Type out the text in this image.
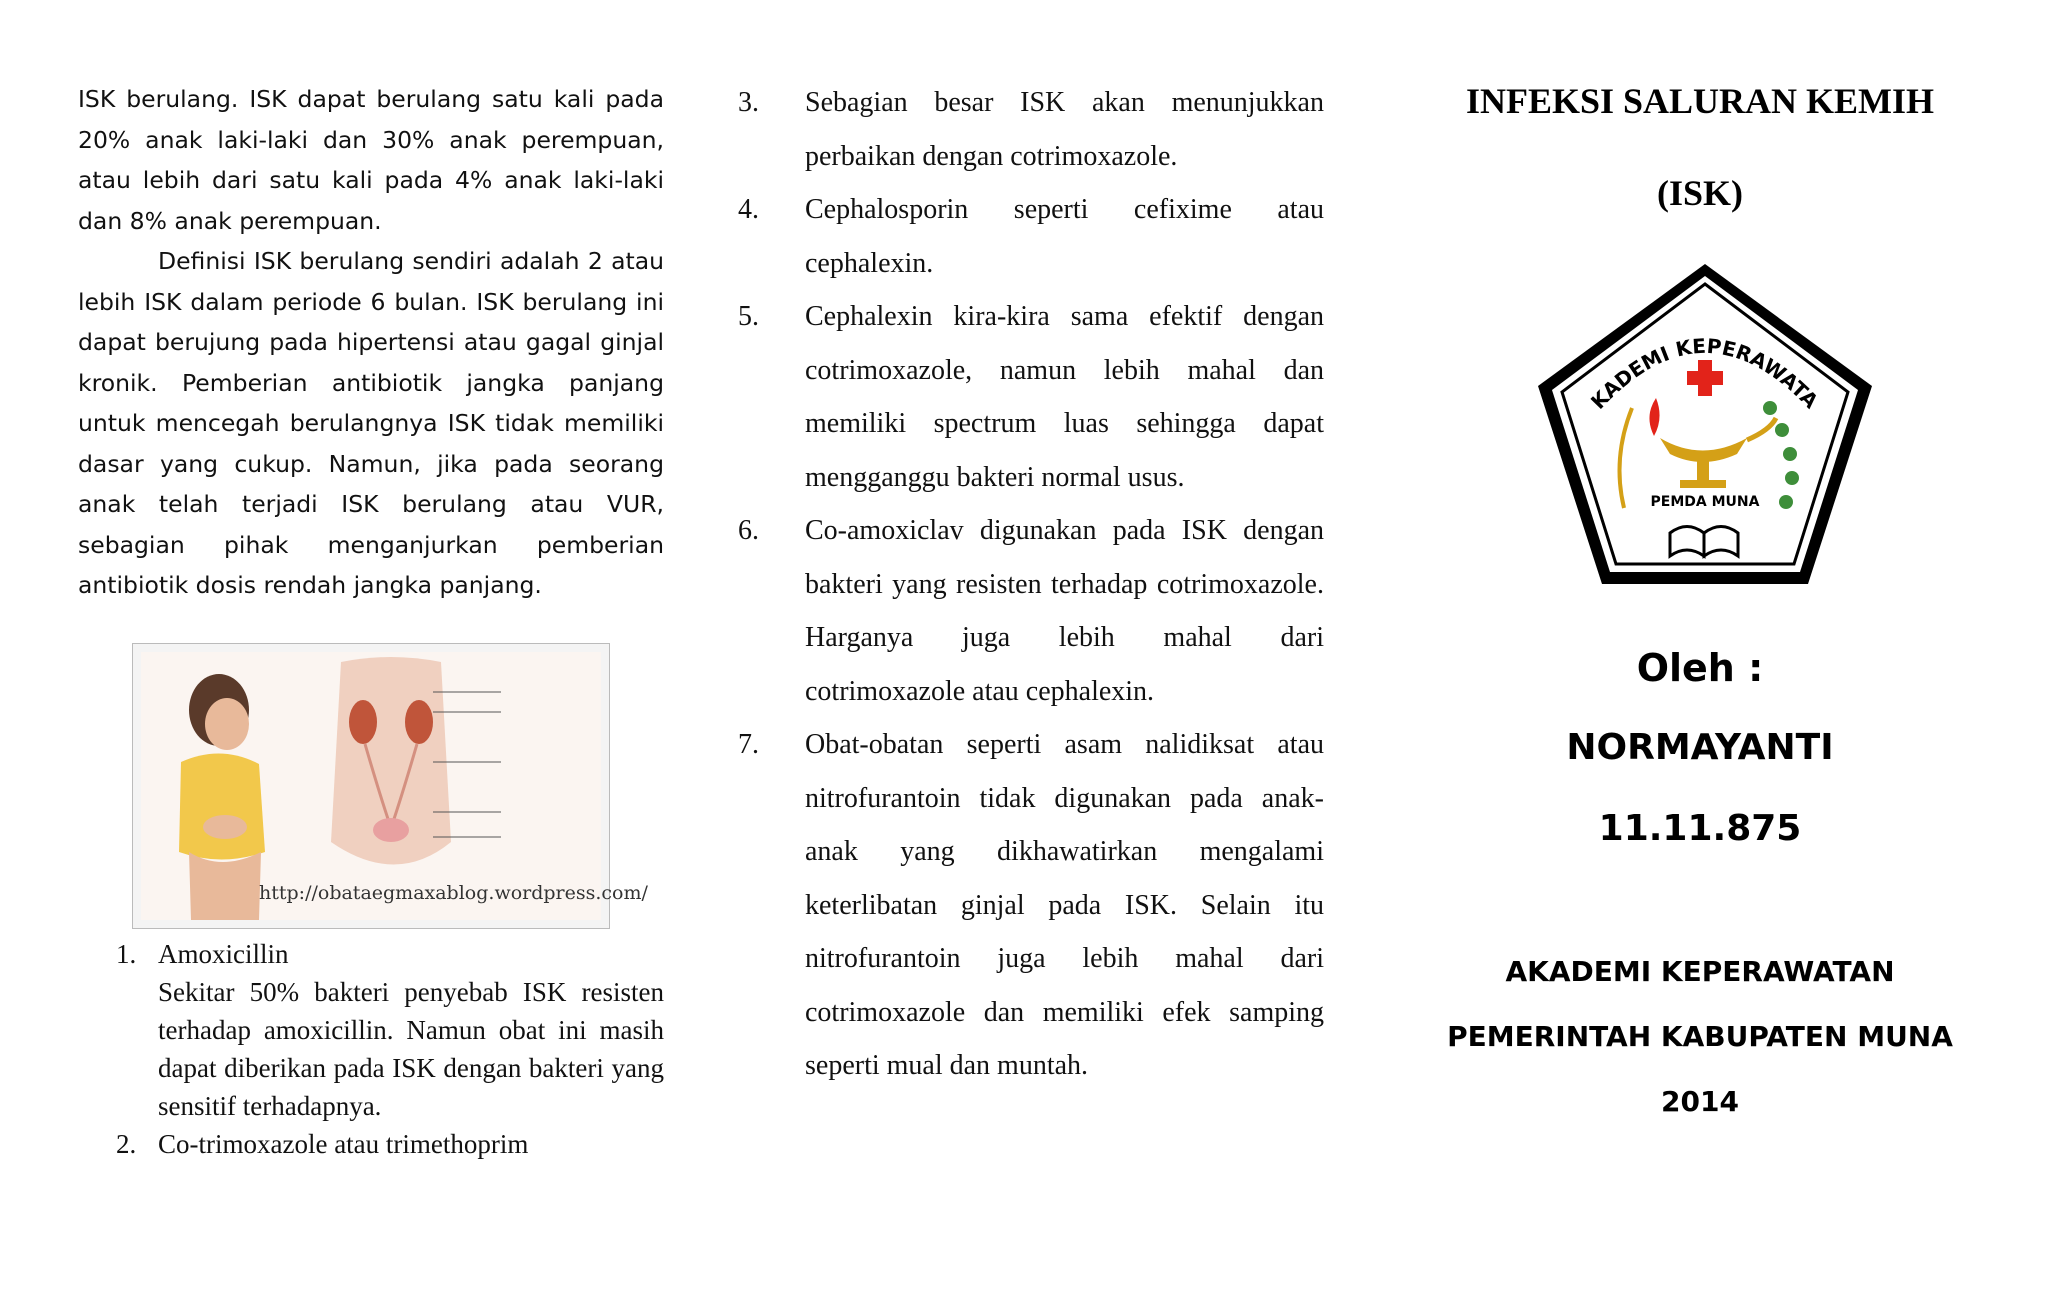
ISK berulang. ISK dapat berulang satu kali pada 20% anak laki-laki dan 30% anak perempuan, atau lebih dari satu kali pada 4% anak laki-laki dan 8% anak perempuan.

Definisi ISK berulang sendiri adalah 2 atau lebih ISK dalam periode 6 bulan. ISK berulang ini dapat berujung pada hipertensi atau gagal ginjal kronik. Pemberian antibiotik jangka panjang untuk mencegah berulangnya ISK tidak memiliki dasar yang cukup. Namun, jika pada seorang anak telah terjadi ISK berulang atau VUR, sebagian pihak menganjurkan pemberian antibiotik dosis rendah jangka panjang.

http://obataegmaxablog.wordpress.com/
1. Amoxicillin
Sekitar 50% bakteri penyebab ISK resisten terhadap amoxicillin. Namun obat ini masih dapat diberikan pada ISK dengan bakteri yang sensitif terhadapnya.
2. Co-trimoxazole atau trimethoprim
3. Sebagian besar ISK akan menunjukkan perbaikan dengan cotrimoxazole.
4. Cephalosporin seperti cefixime atau cephalexin.
5. Cephalexin kira-kira sama efektif dengan cotrimoxazole, namun lebih mahal dan memiliki spectrum luas sehingga dapat mengganggu bakteri normal usus.
6. Co-amoxiclav digunakan pada ISK dengan bakteri yang resisten terhadap cotrimoxazole. Harganya juga lebih mahal dari cotrimoxazole atau cephalexin.
7. Obat-obatan seperti asam nalidiksat atau nitrofurantoin tidak digunakan pada anak-anak yang dikhawatirkan mengalami keterlibatan ginjal pada ISK. Selain itu nitrofurantoin juga lebih mahal dari cotrimoxazole dan memiliki efek samping seperti mual dan muntah.
INFEKSI SALURAN KEMIH
(ISK)
KADEMI KEPERAWATA
PEMDA MUNA
Oleh :
NORMAYANTI
11.11.875
AKADEMI KEPERAWATAN
PEMERINTAH KABUPATEN MUNA
2014
